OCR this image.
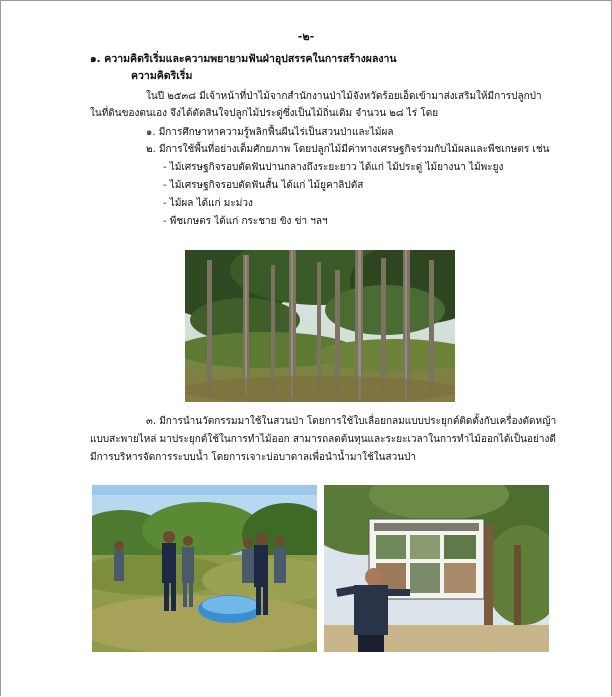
-๒-
๑. ความคิดริเริ่มและความพยายามฟันฝ่าอุปสรรคในการสร้างผลงาน
ความคิดริเริ่ม
ในปี ๒๕๓๘ มีเจ้าหน้าที่ป่าไม้จากสำนักงานป่าไม้จังหวัดร้อยเอ็ดเข้ามาส่งเสริมให้มีการปลูกป่า
ในที่ดินของตนเอง จึงได้ตัดสินใจปลูกไม้ประดู่ซึ่งเป็นไม้ถิ่นเดิม จำนวน ๒๘ ไร่ โดย
๑. มีการศึกษาหาความรู้พลิกฟื้นผืนไร่เป็นสวนป่าและไม้ผล
๒. มีการใช้พื้นที่อย่างเต็มศักยภาพ โดยปลูกไม้มีค่าทางเศรษฐกิจร่วมกับไม้ผลและพืชเกษตร เช่น
- ไม้เศรษฐกิจรอบตัดฟันปานกลางถึงระยะยาว ได้แก่ ไม้ประดู่ ไม้ยางนา ไม้พะยูง
- ไม้เศรษฐกิจรอบตัดฟันสั้น ได้แก่ ไม้ยูคาลิปตัส
- ไม้ผล ได้แก่ มะม่วง
- พืชเกษตร ได้แก่ กระชาย ขิง ข่า ฯลฯ
๓. มีการนำนวัตกรรมมาใช้ในสวนป่า โดยการใช้ใบเลื่อยกลมแบบประยุกต์ติดตั้งกับเครื่องตัดหญ้า
แบบสะพายไหล่ มาประยุกต์ใช้ในการทำไม้ออก สามารถลดต้นทุนและระยะเวลาในการทำไม้ออกได้เป็นอย่างดี
มีการบริหารจัดการระบบน้ำ โดยการเจาะบ่อบาดาลเพื่อนำน้ำมาใช้ในสวนป่า
